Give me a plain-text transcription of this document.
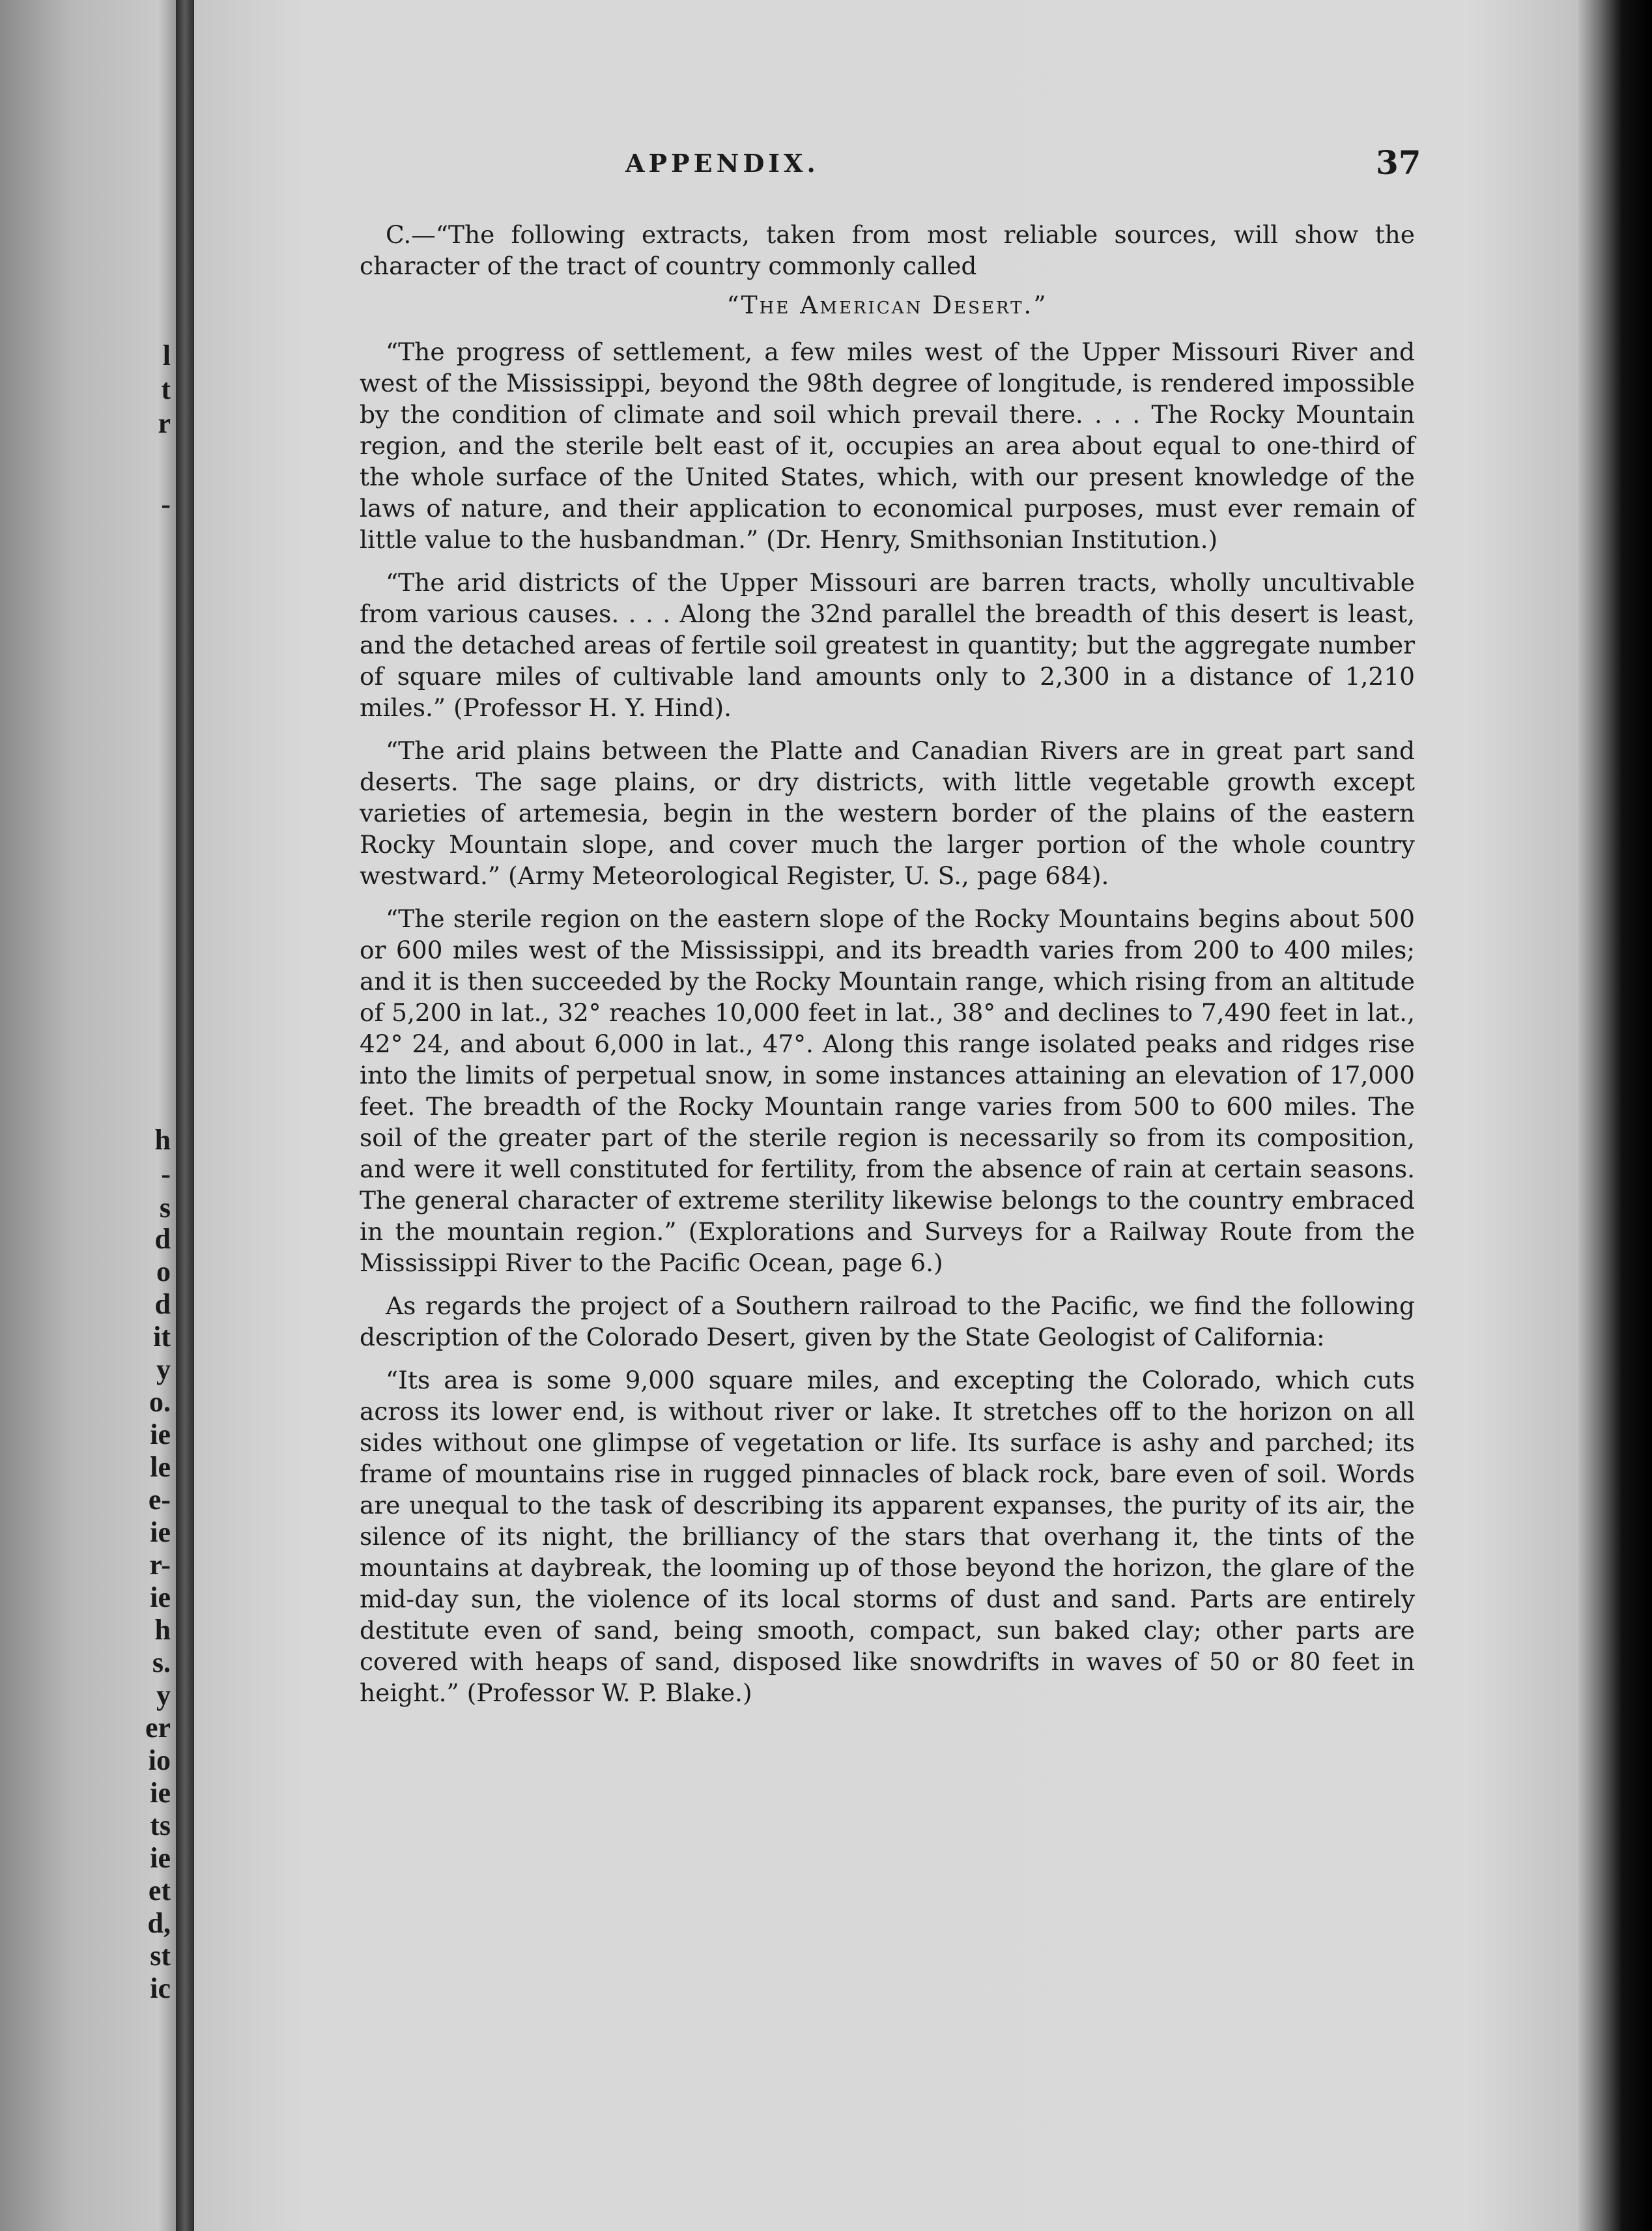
l

t

r

-

h

-

s

d

o

d

it

y

o.

ie

le

e-

ie

r-

ie

h

s.

y

er

io

ie

ts

ie

et

d,

st

ic

APPENDIX.	37

C.—“The following extracts, taken from most reliable sources, will show the character of the tract of country commonly called

“The American Desert.”

“The progress of settlement, a few miles west of the Upper Missouri River and west of the Mississippi, beyond the 98th degree of longitude, is rendered impossible by the condition of climate and soil which prevail there. . . . The Rocky Mountain region, and the sterile belt east of it, occupies an area about equal to one-third of the whole surface of the United States, which, with our present knowledge of the laws of nature, and their application to economical purposes, must ever remain of little value to the husbandman.” (Dr. Henry, Smithsonian Institution.)

“The arid districts of the Upper Missouri are barren tracts, wholly uncultivable from various causes. . . . Along the 32nd parallel the breadth of this desert is least, and the detached areas of fertile soil greatest in quantity; but the aggregate number of square miles of cultivable land amounts only to 2,300 in a distance of 1,210 miles.” (Professor H. Y. Hind).

“The arid plains between the Platte and Canadian Rivers are in great part sand deserts. The sage plains, or dry districts, with little vegetable growth except varieties of artemesia, begin in the western border of the plains of the eastern Rocky Mountain slope, and cover much the larger portion of the whole country westward.” (Army Meteorological Register, U. S., page 684).

“The sterile region on the eastern slope of the Rocky Mountains begins about 500 or 600 miles west of the Mississippi, and its breadth varies from 200 to 400 miles; and it is then succeeded by the Rocky Mountain range, which rising from an altitude of 5,200 in lat., 32° reaches 10,000 feet in lat., 38° and declines to 7,490 feet in lat., 42° 24, and about 6,000 in lat., 47°. Along this range isolated peaks and ridges rise into the limits of perpetual snow, in some instances attaining an elevation of 17,000 feet. The breadth of the Rocky Mountain range varies from 500 to 600 miles. The soil of the greater part of the sterile region is necessarily so from its composition, and were it well constituted for fertility, from the absence of rain at certain seasons. The general character of extreme sterility likewise belongs to the country embraced in the mountain region.” (Explorations and Surveys for a Railway Route from the Mississippi River to the Pacific Ocean, page 6.)

As regards the project of a Southern railroad to the Pacific, we find the following description of the Colorado Desert, given by the State Geologist of California:

“Its area is some 9,000 square miles, and excepting the Colorado, which cuts across its lower end, is without river or lake. It stretches off to the horizon on all sides without one glimpse of vegetation or life. Its surface is ashy and parched; its frame of mountains rise in rugged pinnacles of black rock, bare even of soil. Words are unequal to the task of describing its apparent expanses, the purity of its air, the silence of its night, the brilliancy of the stars that overhang it, the tints of the mountains at daybreak, the looming up of those beyond the horizon, the glare of the mid-day sun, the violence of its local storms of dust and sand. Parts are entirely destitute even of sand, being smooth, compact, sun baked clay; other parts are covered with heaps of sand, disposed like snowdrifts in waves of 50 or 80 feet in height.” (Professor W. P. Blake.)
